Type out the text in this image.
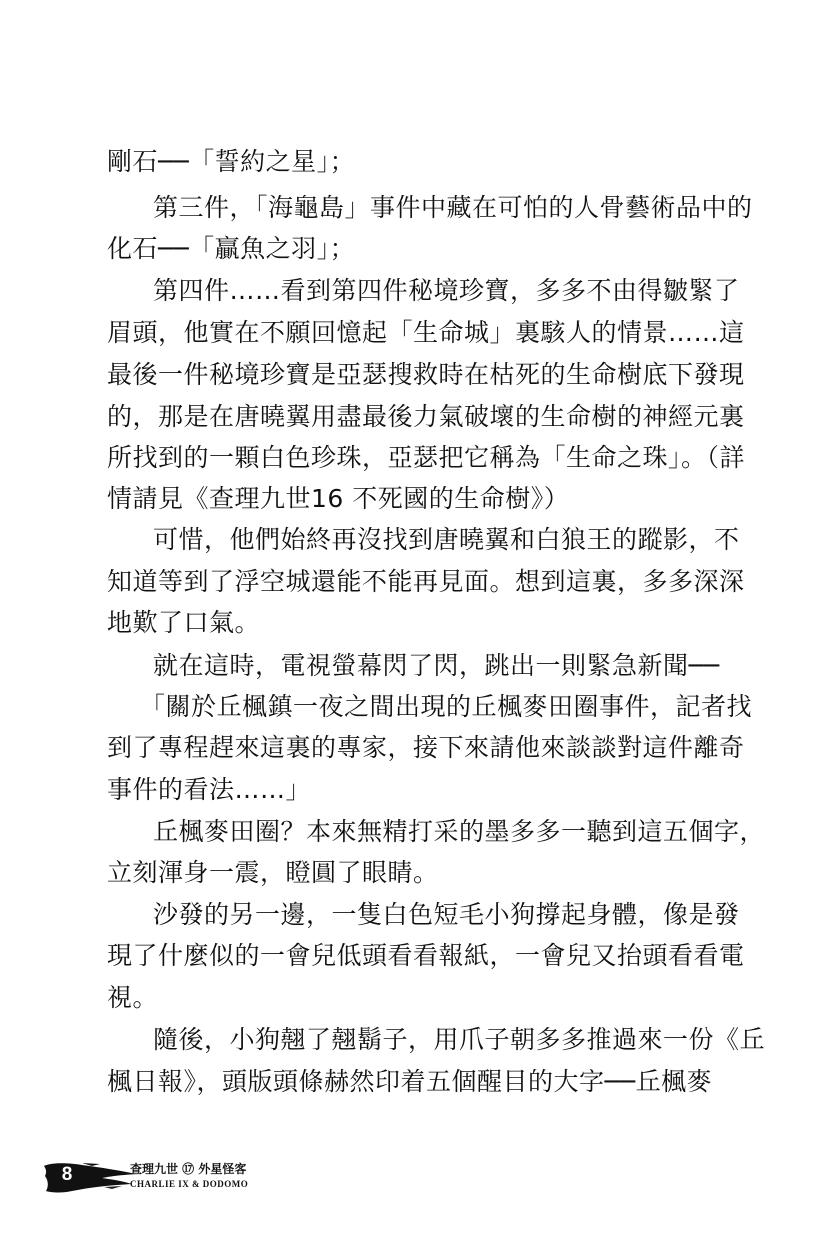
剛石──「誓約之星」；
第三件，「海龜島」事件中藏在可怕的人骨藝術品中的
化石──「贏魚之羽」；
第四件……看到第四件秘境珍寶，多多不由得皺緊了
眉頭，他實在不願回憶起「生命城」裏駭人的情景……這
最後一件秘境珍寶是亞瑟搜救時在枯死的生命樹底下發現
的，那是在唐曉翼用盡最後力氣破壞的生命樹的神經元裏
所找到的一顆白色珍珠，亞瑟把它稱為「生命之珠」。（詳
情請見《查理九世16 不死國的生命樹》）
可惜，他們始終再沒找到唐曉翼和白狼王的蹤影，不
知道等到了浮空城還能不能再見面。想到這裏，多多深深
地歎了口氣。
就在這時，電視螢幕閃了閃，跳出一則緊急新聞──
「關於丘楓鎮一夜之間出現的丘楓麥田圈事件，記者找
到了專程趕來這裏的專家，接下來請他來談談對這件離奇
事件的看法……」
丘楓麥田圈？本來無精打采的墨多多一聽到這五個字，
立刻渾身一震，瞪圓了眼睛。
沙發的另一邊，一隻白色短毛小狗撐起身體，像是發
現了什麼似的一會兒低頭看看報紙，一會兒又抬頭看看電
視。
隨後，小狗翹了翹鬍子，用爪子朝多多推過來一份《丘
楓日報》，頭版頭條赫然印着五個醒目的大字──丘楓麥
8	查理九世 ⑰ 外星怪客
CHARLIE IX & DODOMO
